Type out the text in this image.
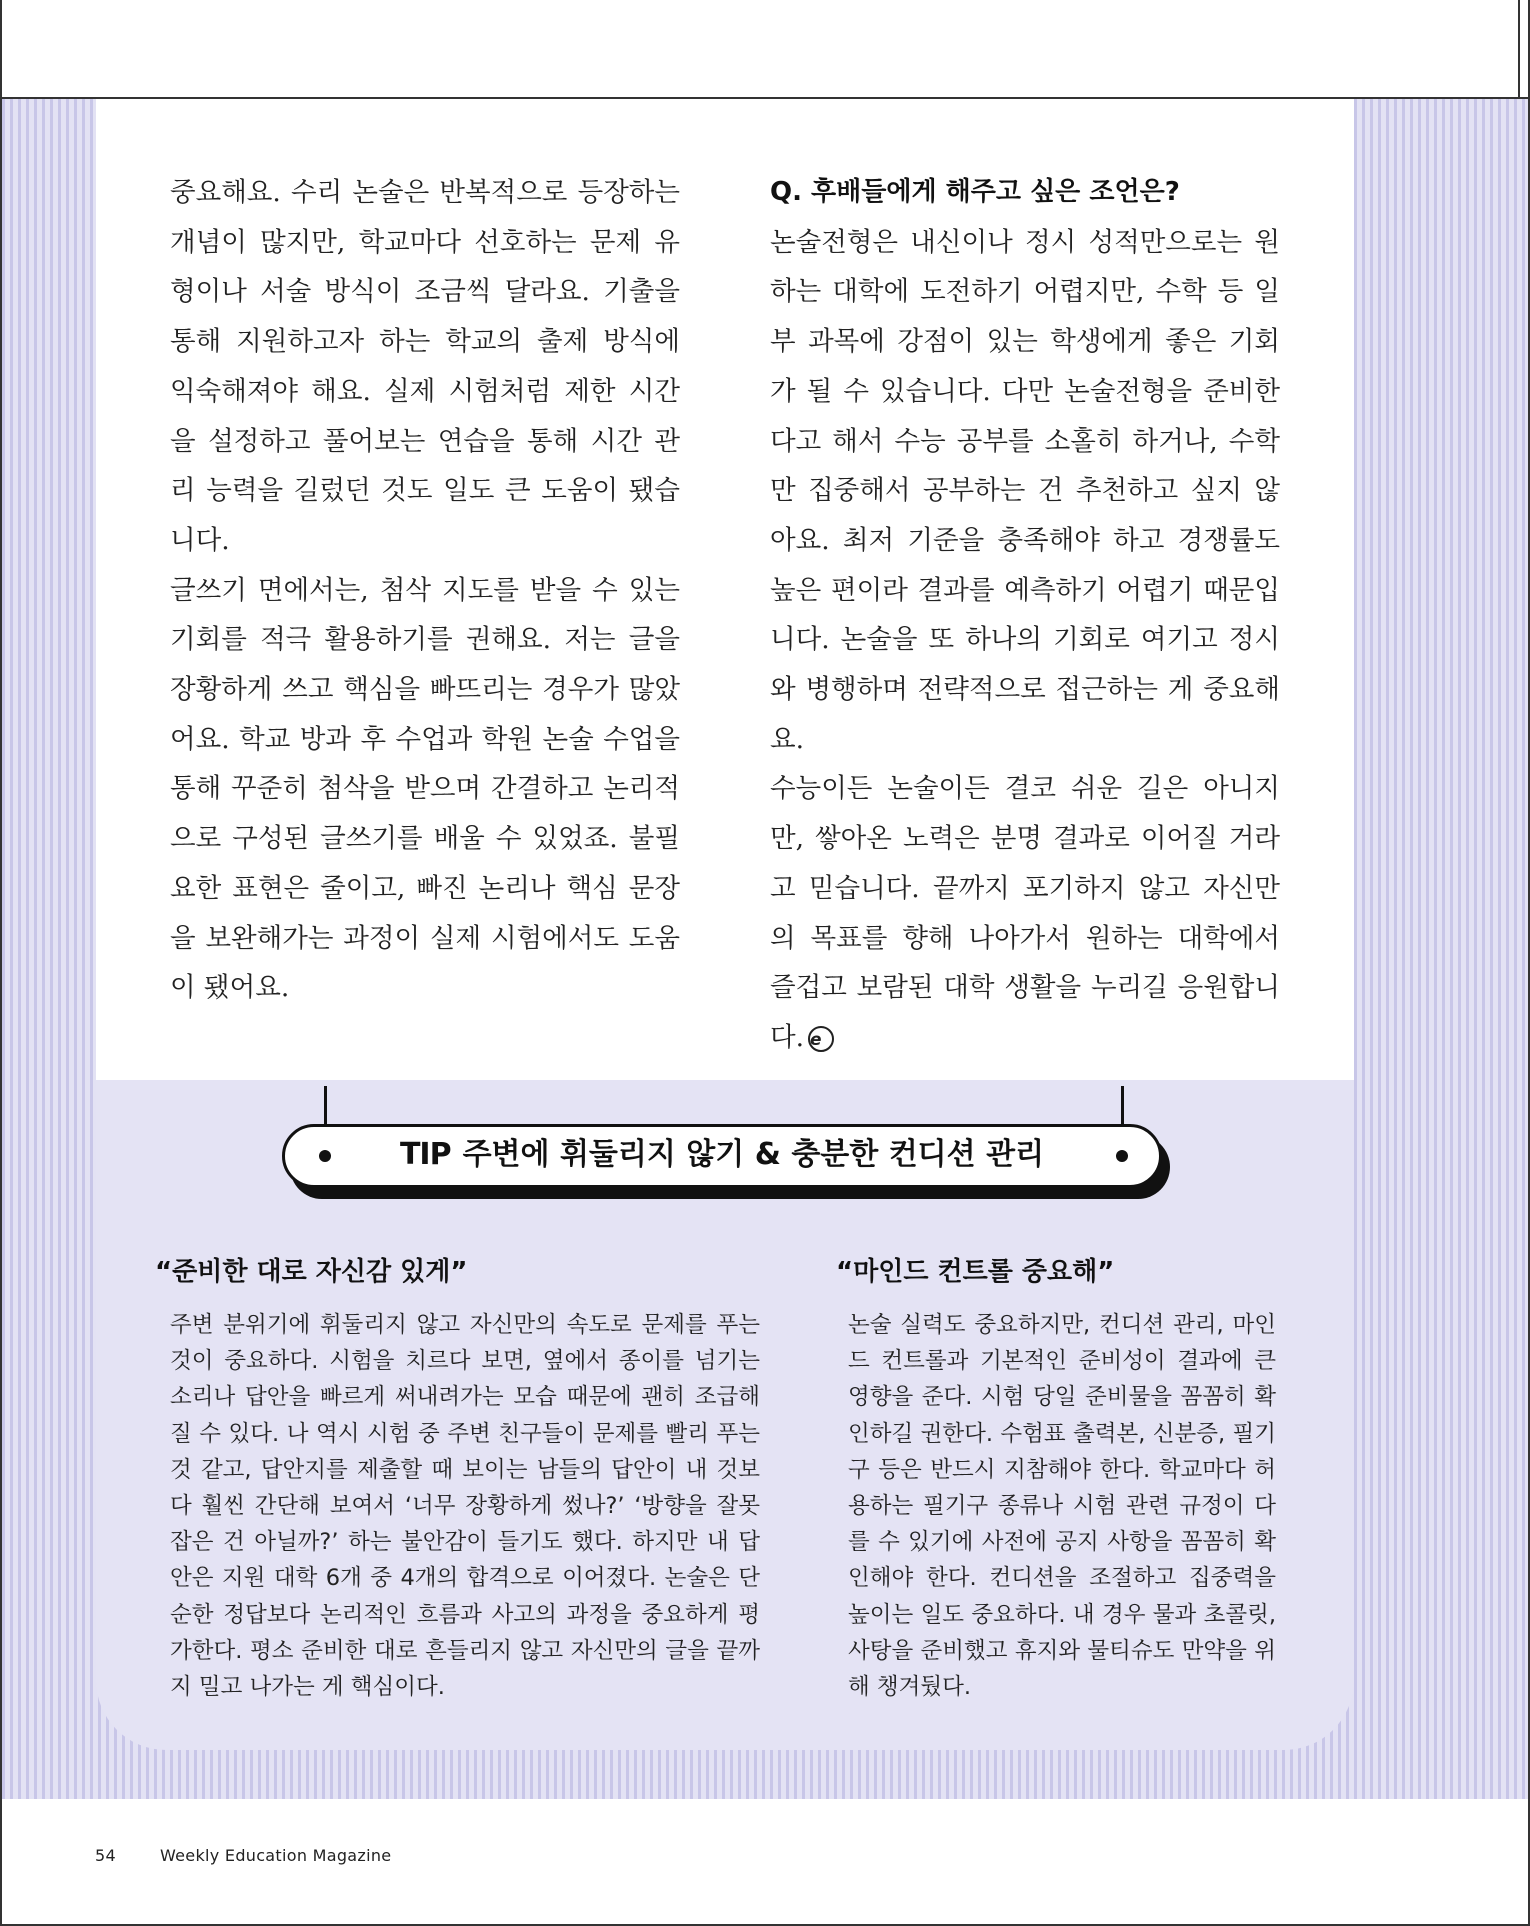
중요해요. 수리 논술은 반복적으로 등장하는 개념이 많지만, 학교마다 선호하는 문제 유형이나 서술 방식이 조금씩 달라요. 기출을 통해 지원하고자 하는 학교의 출제 방식에 익숙해져야 해요. 실제 시험처럼 제한 시간을 설정하고 풀어보는 연습을 통해 시간 관리 능력을 길렀던 것도 일도 큰 도움이 됐습니다.

글쓰기 면에서는, 첨삭 지도를 받을 수 있는 기회를 적극 활용하기를 권해요. 저는 글을 장황하게 쓰고 핵심을 빠뜨리는 경우가 많았어요. 학교 방과 후 수업과 학원 논술 수업을 통해 꾸준히 첨삭을 받으며 간결하고 논리적으로 구성된 글쓰기를 배울 수 있었죠. 불필요한 표현은 줄이고, 빠진 논리나 핵심 문장을 보완해가는 과정이 실제 시험에서도 도움이 됐어요.

Q. 후배들에게 해주고 싶은 조언은?

논술전형은 내신이나 정시 성적만으로는 원하는 대학에 도전하기 어렵지만, 수학 등 일부 과목에 강점이 있는 학생에게 좋은 기회가 될 수 있습니다. 다만 논술전형을 준비한다고 해서 수능 공부를 소홀히 하거나, 수학만 집중해서 공부하는 건 추천하고 싶지 않아요. 최저 기준을 충족해야 하고 경쟁률도 높은 편이라 결과를 예측하기 어렵기 때문입니다. 논술을 또 하나의 기회로 여기고 정시와 병행하며 전략적으로 접근하는 게 중요해요.

수능이든 논술이든 결코 쉬운 길은 아니지만, 쌓아온 노력은 분명 결과로 이어질 거라고 믿습니다. 끝까지 포기하지 않고 자신만의 목표를 향해 나아가서 원하는 대학에서 즐겁고 보람된 대학 생활을 누리길 응원합니다. e

TIP 주변에 휘둘리지 않기 & 충분한 컨디션 관리
“준비한 대로 자신감 있게”

주변 분위기에 휘둘리지 않고 자신만의 속도로 문제를 푸는 것이 중요하다. 시험을 치르다 보면, 옆에서 종이를 넘기는 소리나 답안을 빠르게 써내려가는 모습 때문에 괜히 조급해질 수 있다. 나 역시 시험 중 주변 친구들이 문제를 빨리 푸는 것 같고, 답안지를 제출할 때 보이는 남들의 답안이 내 것보다 훨씬 간단해 보여서 ‘너무 장황하게 썼나?’ ‘방향을 잘못 잡은 건 아닐까?’ 하는 불안감이 들기도 했다. 하지만 내 답안은 지원 대학 6개 중 4개의 합격으로 이어졌다. 논술은 단순한 정답보다 논리적인 흐름과 사고의 과정을 중요하게 평가한다. 평소 준비한 대로 흔들리지 않고 자신만의 글을 끝까지 밀고 나가는 게 핵심이다.

“마인드 컨트롤 중요해”

논술 실력도 중요하지만, 컨디션 관리, 마인드 컨트롤과 기본적인 준비성이 결과에 큰 영향을 준다. 시험 당일 준비물을 꼼꼼히 확인하길 권한다. 수험표 출력본, 신분증, 필기구 등은 반드시 지참해야 한다. 학교마다 허용하는 필기구 종류나 시험 관련 규정이 다를 수 있기에 사전에 공지 사항을 꼼꼼히 확인해야 한다. 컨디션을 조절하고 집중력을 높이는 일도 중요하다. 내 경우 물과 초콜릿, 사탕을 준비했고 휴지와 물티슈도 만약을 위해 챙겨뒀다.

54	Weekly Education Magazine
